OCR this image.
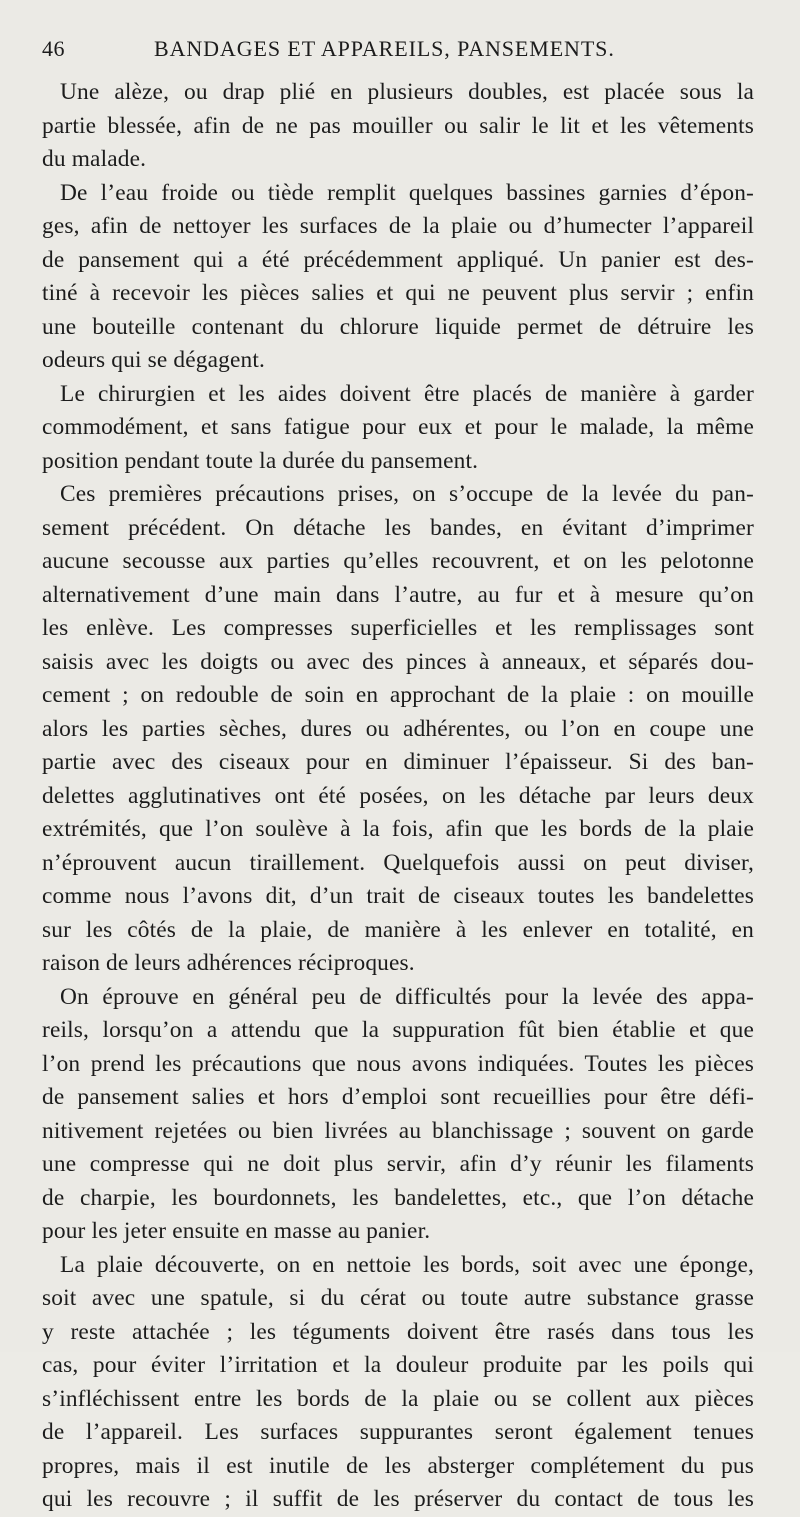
46	BANDAGES ET APPAREILS, PANSEMENTS.
Une alèze, ou drap plié en plusieurs doubles, est placée sous la
partie blessée, afin de ne pas mouiller ou salir le lit et les vêtements
du malade.
De l’eau froide ou tiède remplit quelques bassines garnies d’épon-
ges, afin de nettoyer les surfaces de la plaie ou d’humecter l’appareil
de pansement qui a été précédemment appliqué. Un panier est des-
tiné à recevoir les pièces salies et qui ne peuvent plus servir ; enfin
une bouteille contenant du chlorure liquide permet de détruire les
odeurs qui se dégagent.
Le chirurgien et les aides doivent être placés de manière à garder
commodément, et sans fatigue pour eux et pour le malade, la même
position pendant toute la durée du pansement.
Ces premières précautions prises, on s’occupe de la levée du pan-
sement précédent. On détache les bandes, en évitant d’imprimer
aucune secousse aux parties qu’elles recouvrent, et on les pelotonne
alternativement d’une main dans l’autre, au fur et à mesure qu’on
les enlève. Les compresses superficielles et les remplissages sont
saisis avec les doigts ou avec des pinces à anneaux, et séparés dou-
cement ; on redouble de soin en approchant de la plaie : on mouille
alors les parties sèches, dures ou adhérentes, ou l’on en coupe une
partie avec des ciseaux pour en diminuer l’épaisseur. Si des ban-
delettes agglutinatives ont été posées, on les détache par leurs deux
extrémités, que l’on soulève à la fois, afin que les bords de la plaie
n’éprouvent aucun tiraillement. Quelquefois aussi on peut diviser,
comme nous l’avons dit, d’un trait de ciseaux toutes les bandelettes
sur les côtés de la plaie, de manière à les enlever en totalité, en
raison de leurs adhérences réciproques.
On éprouve en général peu de difficultés pour la levée des appa-
reils, lorsqu’on a attendu que la suppuration fût bien établie et que
l’on prend les précautions que nous avons indiquées. Toutes les pièces
de pansement salies et hors d’emploi sont recueillies pour être défi-
nitivement rejetées ou bien livrées au blanchissage ; souvent on garde
une compresse qui ne doit plus servir, afin d’y réunir les filaments
de charpie, les bourdonnets, les bandelettes, etc., que l’on détache
pour les jeter ensuite en masse au panier.
La plaie découverte, on en nettoie les bords, soit avec une éponge,
soit avec une spatule, si du cérat ou toute autre substance grasse
y reste attachée ; les téguments doivent être rasés dans tous les
cas, pour éviter l’irritation et la douleur produite par les poils qui
s’infléchissent entre les bords de la plaie ou se collent aux pièces
de l’appareil. Les surfaces suppurantes seront également tenues
propres, mais il est inutile de les absterger complétement du pus
qui les recouvre ; il suffit de les préserver du contact de tous les
